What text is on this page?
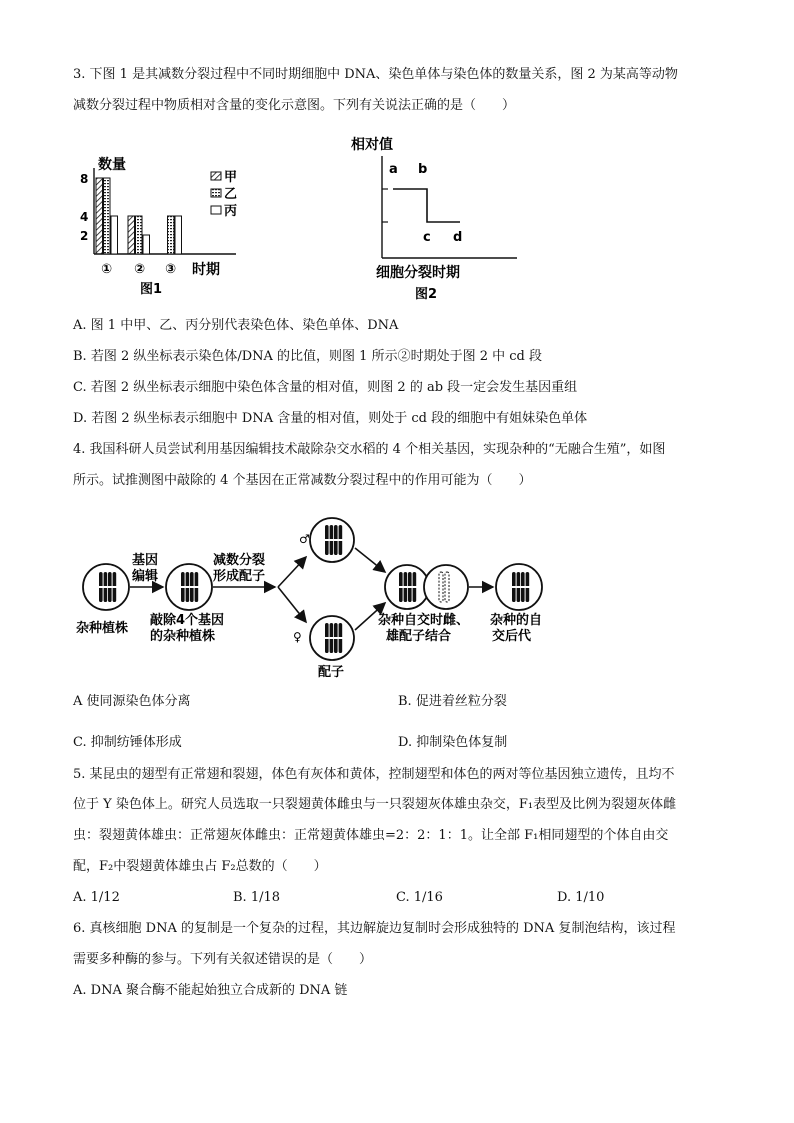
3. 下图 1 是其减数分裂过程中不同时期细胞中 DNA、染色单体与染色体的数量关系，图 2 为某高等动物
减数分裂过程中物质相对含量的变化示意图。下列有关说法正确的是（　　）
数量
8
4
2
① ② ③ 时期
图1
甲
乙
丙
相对值
a b
c d
细胞分裂时期
图2
A. 图 1 中甲、乙、丙分别代表染色体、染色单体、DNA
B. 若图 2 纵坐标表示染色体/DNA 的比值，则图 1 所示②时期处于图 2 中 cd 段
C. 若图 2 纵坐标表示细胞中染色体含量的相对值，则图 2 的 ab 段一定会发生基因重组
D. 若图 2 纵坐标表示细胞中 DNA 含量的相对值，则处于 cd 段的细胞中有姐妹染色单体
4. 我国科研人员尝试利用基因编辑技术敲除杂交水稻的 4 个相关基因，实现杂种的“无融合生殖”，如图
所示。试推测图中敲除的 4 个基因在正常减数分裂过程中的作用可能为（　　）
基因
编辑
减数分裂
形成配子
♂
♀
配子
杂种植株
敲除4个基因
的杂种植株
杂种自交时雌、
雄配子结合
杂种的自
交后代
A 使同源染色体分离	B. 促进着丝粒分裂
C. 抑制纺锤体形成	D. 抑制染色体复制
5. 某昆虫的翅型有正常翅和裂翅，体色有灰体和黄体，控制翅型和体色的两对等位基因独立遗传，且均不
位于 Y 染色体上。研究人员选取一只裂翅黄体雌虫与一只裂翅灰体雄虫杂交，F₁表型及比例为裂翅灰体雌
虫：裂翅黄体雄虫：正常翅灰体雌虫：正常翅黄体雄虫=2：2：1：1。让全部 F₁相同翅型的个体自由交
配，F₂中裂翅黄体雄虫占 F₂总数的（　　）
A. 1/12	B. 1/18	C. 1/16	D. 1/10
6. 真核细胞 DNA 的复制是一个复杂的过程，其边解旋边复制时会形成独特的 DNA 复制泡结构，该过程
需要多种酶的参与。下列有关叙述错误的是（　　）
A. DNA 聚合酶不能起始独立合成新的 DNA 链
